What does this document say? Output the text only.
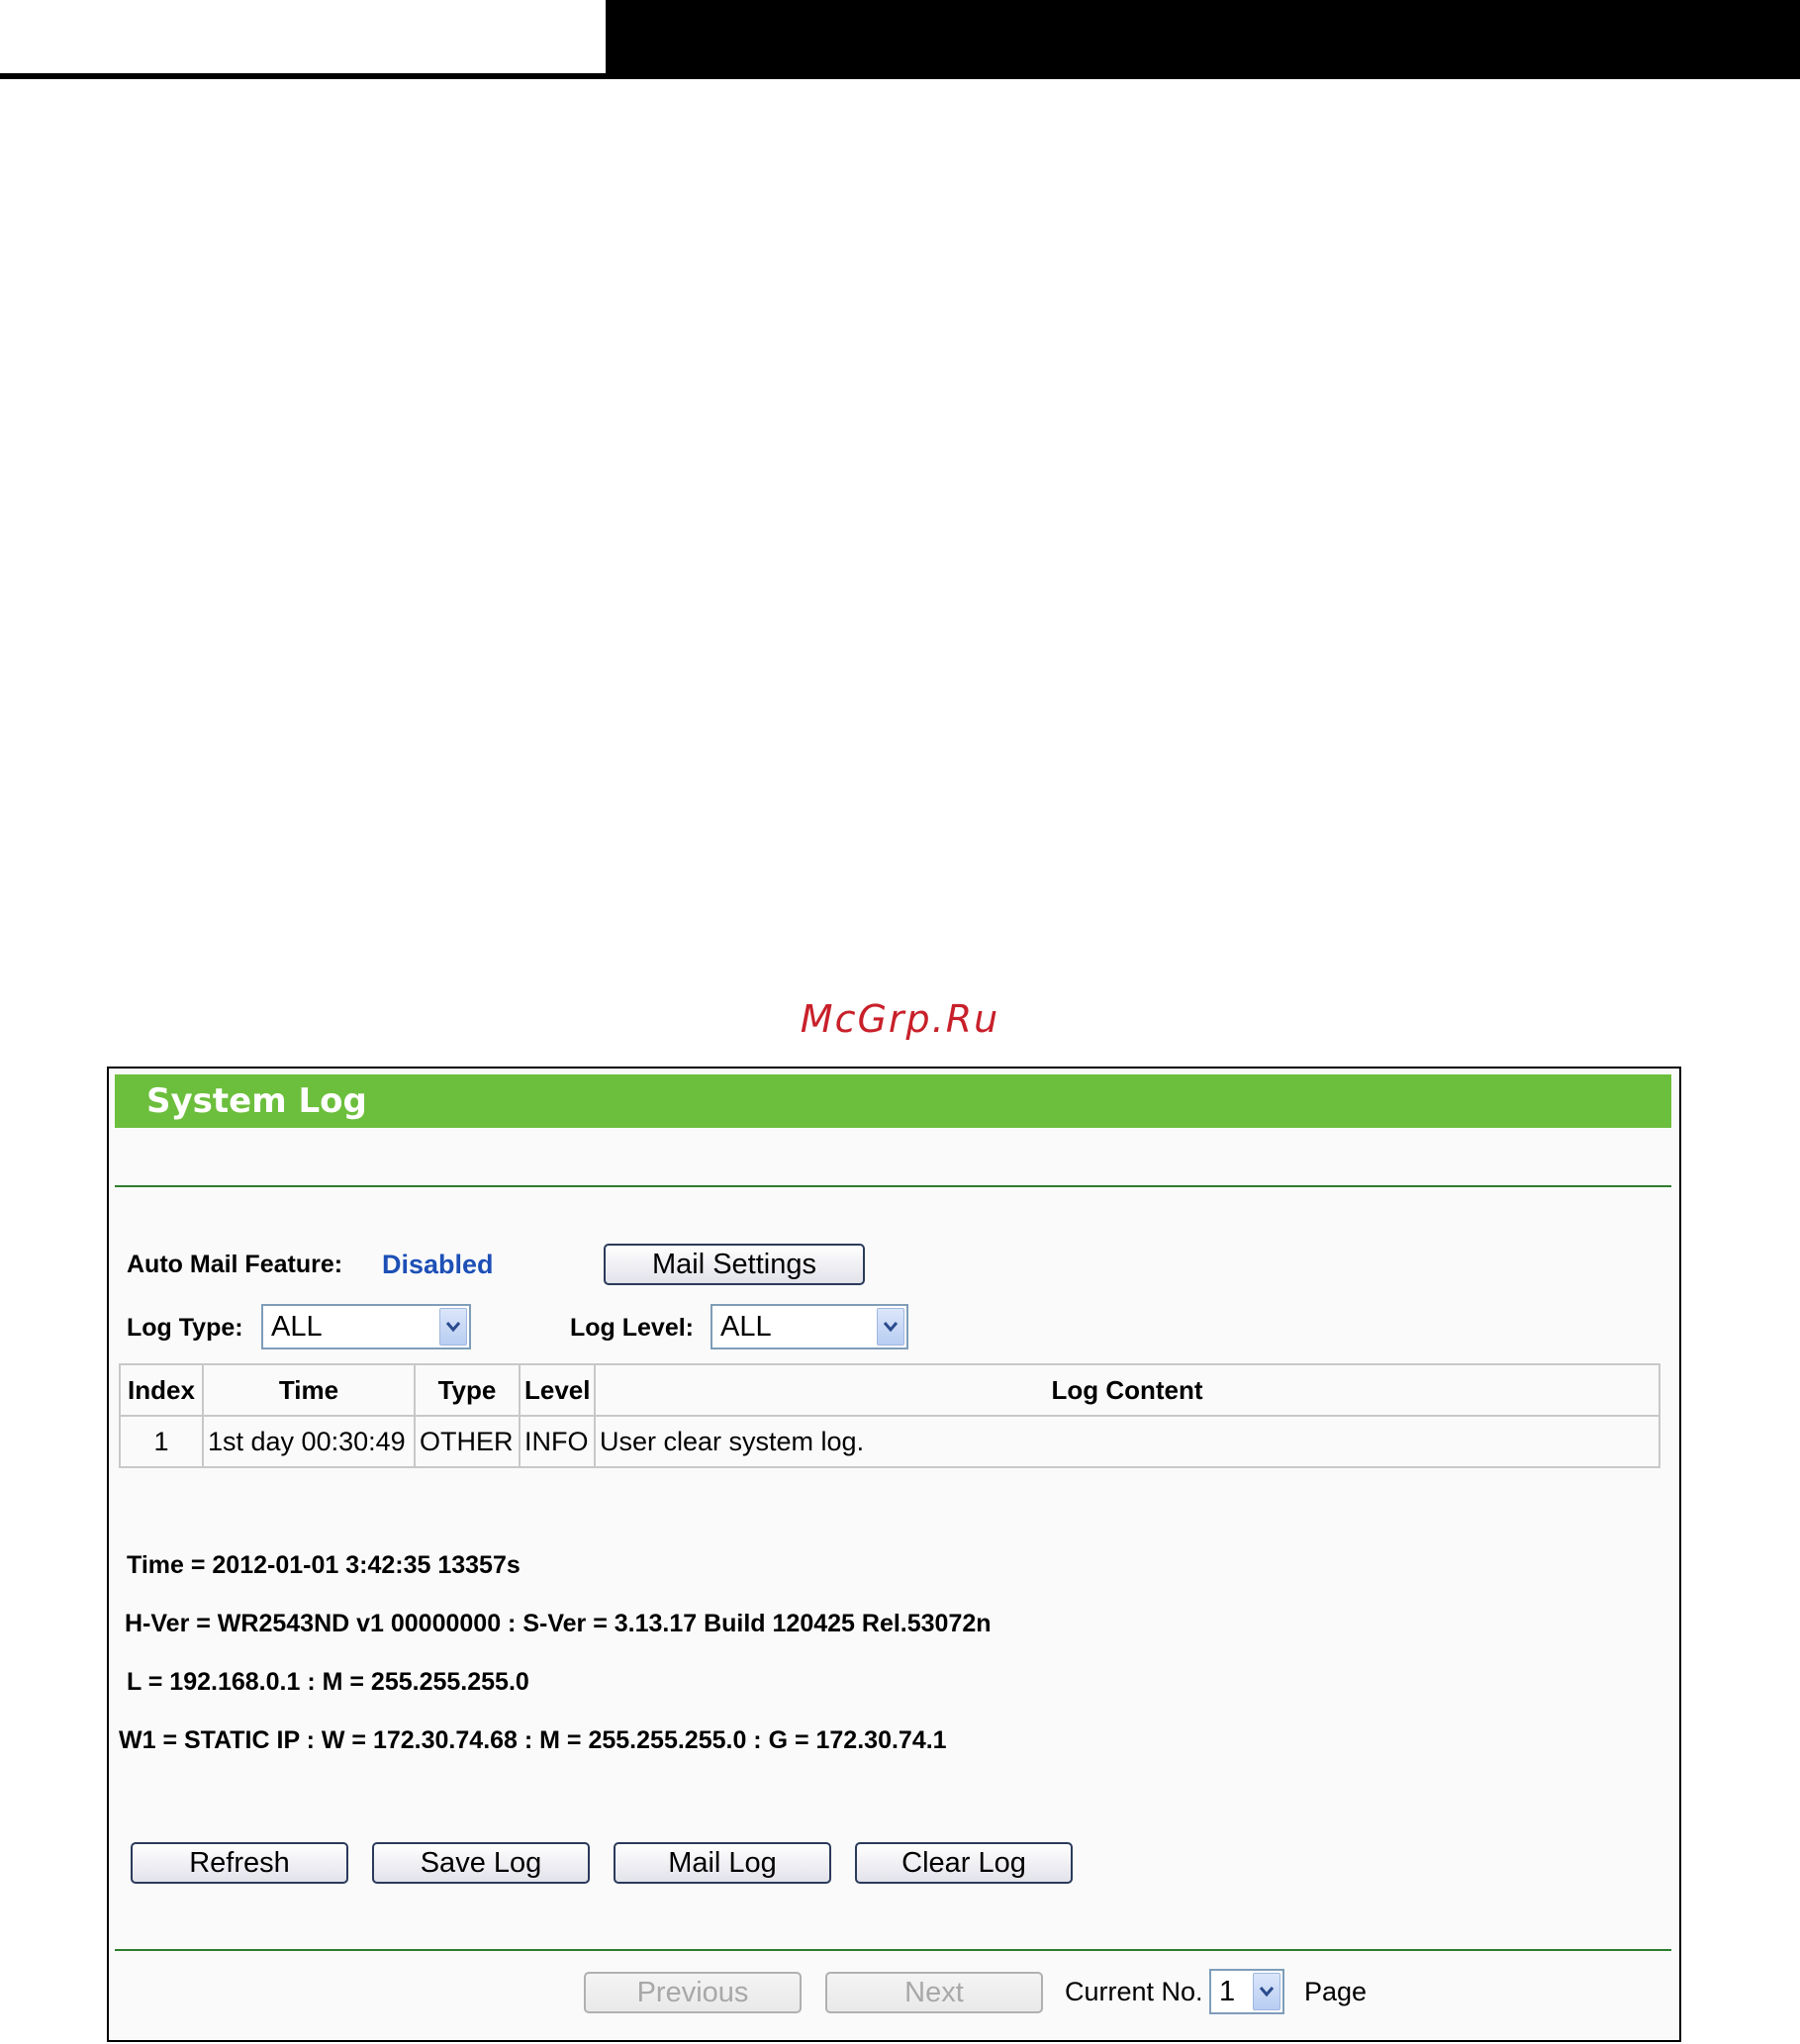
McGrp.Ru
System Log
Auto Mail Feature: Disabled	Mail Settings
Log Type: ALL	Log Level: ALL
Index	Time	Type	Level	Log Content
1	1st day 00:30:49	OTHER	INFO	User clear system log.
Time = 2012-01-01 3:42:35 13357s
H-Ver = WR2543ND v1 00000000 : S-Ver = 3.13.17 Build 120425 Rel.53072n
L = 192.168.0.1 : M = 255.255.255.0
W1 = STATIC IP : W = 172.30.74.68 : M = 255.255.255.0 : G = 172.30.74.1
Refresh	Save Log	Mail Log	Clear Log
Previous	Next	Current No. 1	Page
